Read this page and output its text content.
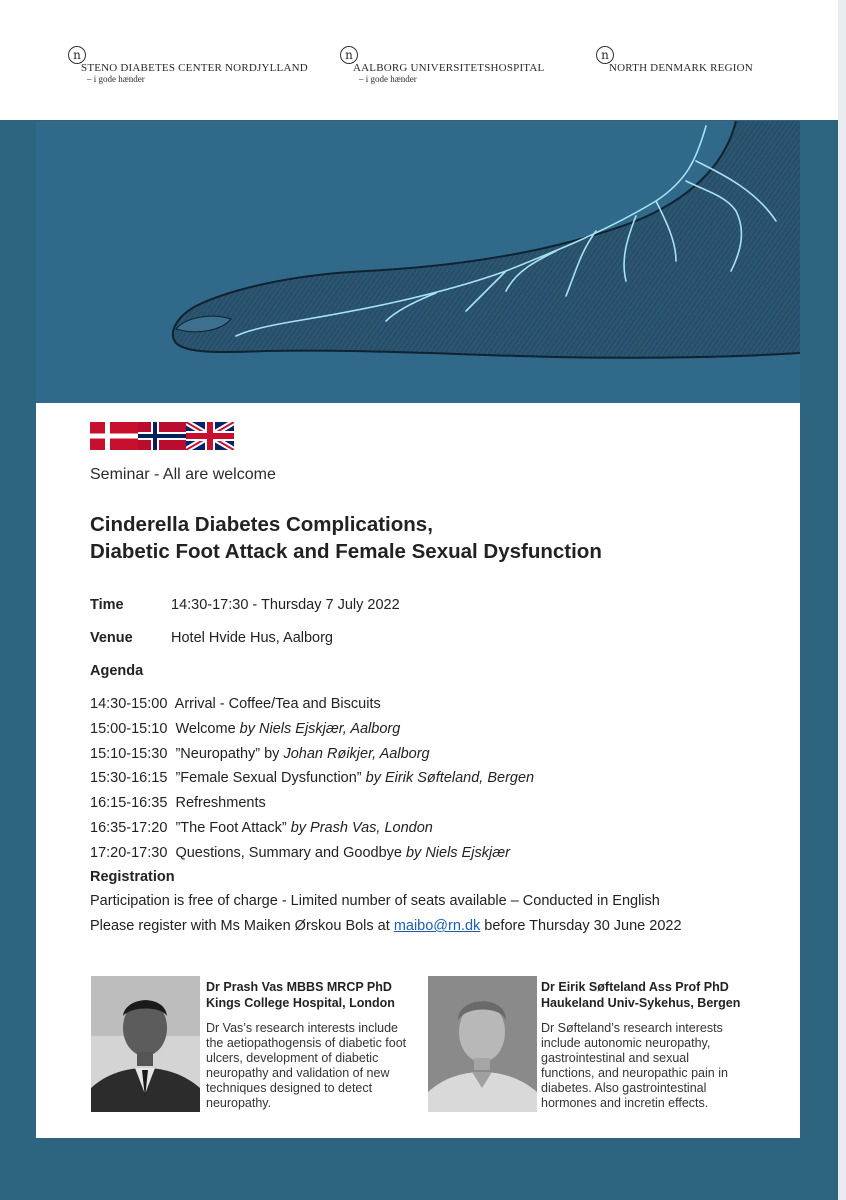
n
STENO DIABETES CENTER NORDJYLLAND
– i gode hænder
n
AALBORG UNIVERSITETSHOSPITAL
– i gode hænder
n
NORTH DENMARK REGION
Seminar - All are welcome
Cinderella Diabetes Complications,
Diabetic Foot Attack and Female Sexual Dysfunction
Time	14:30-17:30 - Thursday 7 July 2022
Venue	Hotel Hvide Hus, Aalborg
Agenda
14:30-15:00 Arrival - Coffee/Tea and Biscuits
15:00-15:10 Welcome by Niels Ejskjær, Aalborg
15:10-15:30 ”Neuropathy” by Johan Røikjer, Aalborg
15:30-16:15 ”Female Sexual Dysfunction” by Eirik Søfteland, Bergen
16:15-16:35 Refreshments
16:35-17:20 ”The Foot Attack” by Prash Vas, London
17:20-17:30 Questions, Summary and Goodbye by Niels Ejskjær
Registration
Participation is free of charge - Limited number of seats available – Conducted in English
Please register with Ms Maiken Ørskou Bols at maibo@rn.dk before Thursday 30 June 2022
Dr Prash Vas MBBS MRCP PhD
Kings College Hospital, London
Dr Vas’s research interests include the aetiopathogensis of diabetic foot ulcers, development of diabetic neuropathy and validation of new techniques designed to detect neuropathy.
Dr Eirik Søfteland Ass Prof PhD
Haukeland Univ-Sykehus, Bergen
Dr Søfteland’s research interests include autonomic neuropathy, gastrointestinal and sexual functions, and neuropathic pain in diabetes. Also gastrointestinal hormones and incretin effects.
